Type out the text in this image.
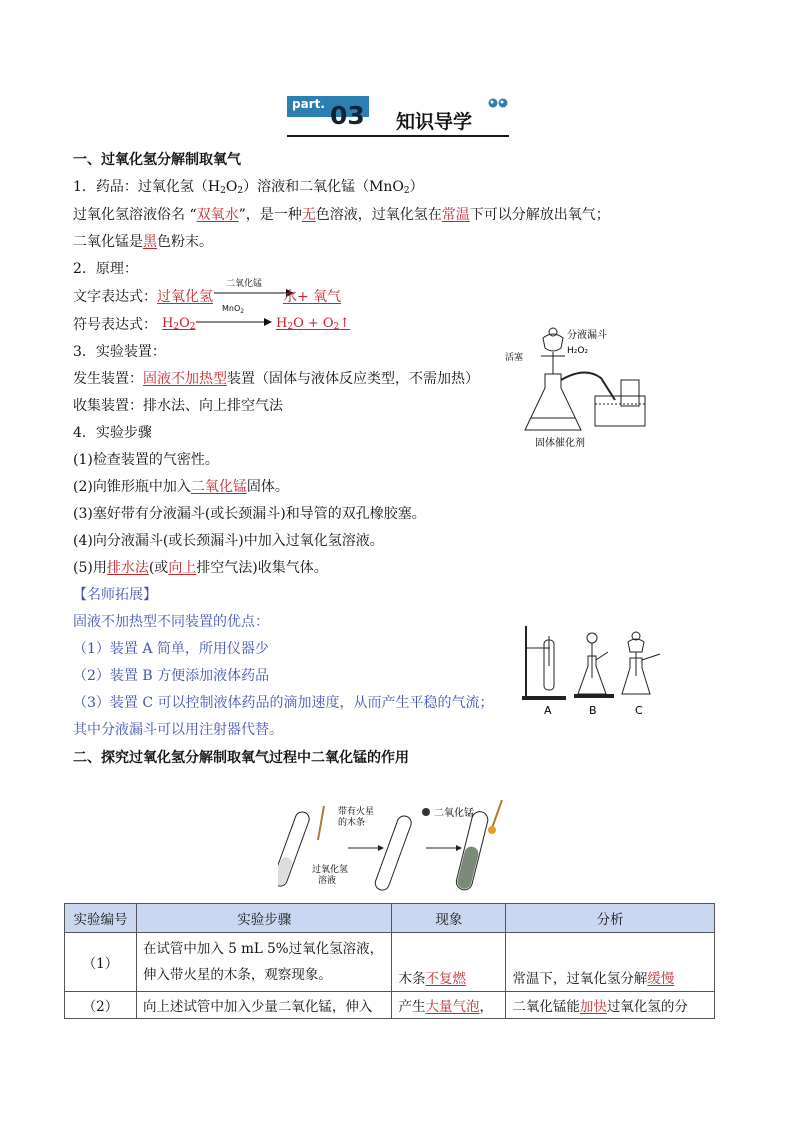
part. 03 知识导学
一、过氧化氢分解制取氧气
1．药品：过氧化氢$(H_2O_2)$溶液和二氧化锰（MnO$_2$）
过氧化氢溶液俗名 “双氧水”，是一种无色溶液，过氧化氢在常温下可以分解放出氧气；
二氧化锰是黑色粉末。
2．原理：
文字表达式：过氧化氢
二氧化锰
水+ 氧气
符号表达式： $H_2O_2$
MnO$_2$
$H_2O$ + $O_2↑$
3．实验装置：
发生装置：固液不加热型装置（固体与液体反应类型，不需加热）
收集装置：排水法、向上排空气法
4．实验步骤
(1)检查装置的气密性。
(2)向锥形瓶中加入二氧化锰固体。
(3)塞好带有分液漏斗(或长颈漏斗)和导管的双孔橡胶塞。
(4)向分液漏斗(或长颈漏斗)中加入过氧化氢溶液。
(5)用排水法(或向上排空气法)收集气体。
分液漏斗
H₂O₂
活塞
固体催化剂
【名师拓展】
固液不加热型不同装置的优点：
（1）装置 A 简单，所用仪器少
（2）装置 B 方便添加液体药品
（3）装置 C 可以控制液体药品的滴加速度，从而产生平稳的气流；
其中分液漏斗可以用注射器代替。
A	B	C
二、探究过氧化氢分解制取氧气过程中二氧化锰的作用
带有火星
的木条
二氧化锰
过氧化氢
溶液
实验编号	实验步骤	现象	分析
（1）	在试管中加入 5 mL 5%过氧化氢溶液，
伸入带火星的木条，观察现象。	木条不复燃	常温下，过氧化氢分解缓慢
（2）	向上述试管中加入少量二氧化锰，伸入	产生大量气泡，	二氧化锰能加快过氧化氢的分
